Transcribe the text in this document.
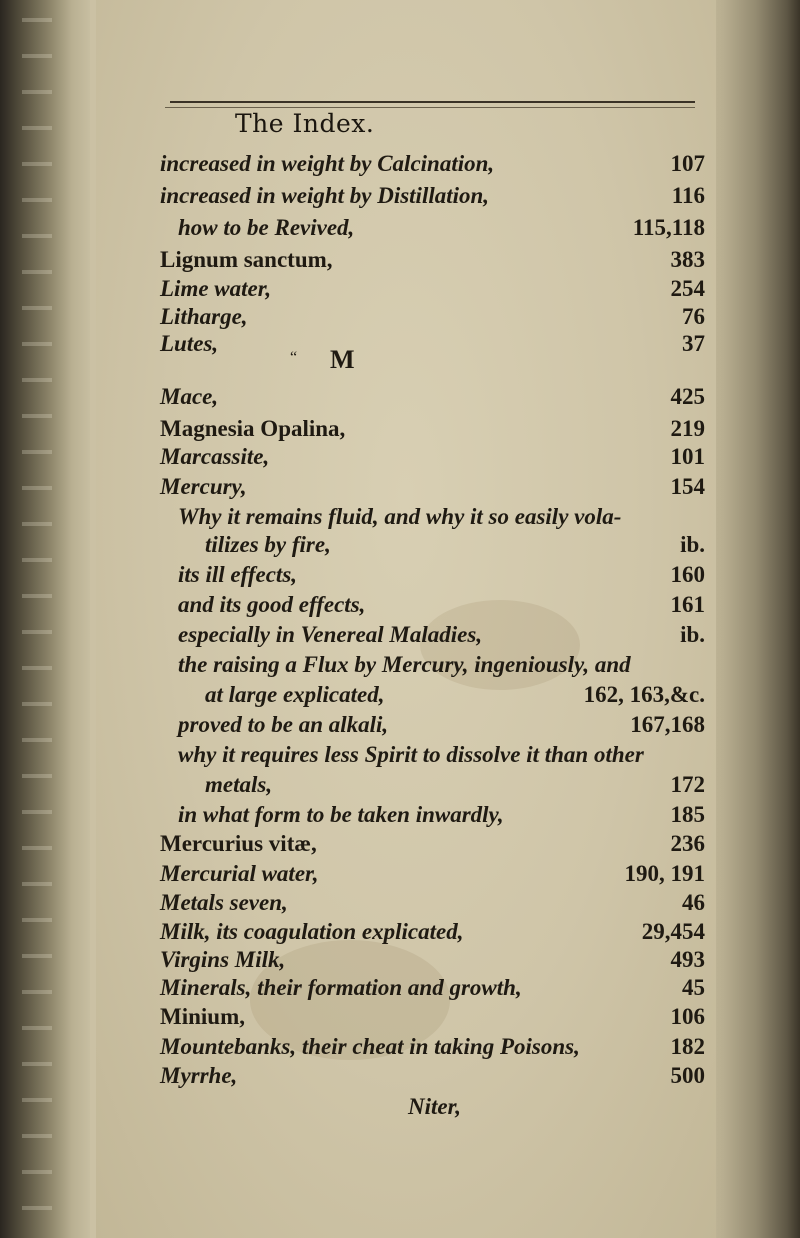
The Index.
“ M
increased in weight by Calcination,	107
increased in weight by Distillation,	116
how to be Revived,	115,118
Lignum sanctum,	383
Lime water,	254
Litharge,	76
Lutes,	37
Mace,	425
Magnesia Opalina,	219
Marcassite,	101
Mercury,	154
Why it remains fluid, and why it so easily vola-
tilizes by fire,	ib.
its ill effects,	160
and its good effects,	161
especially in Venereal Maladies,	ib.
the raising a Flux by Mercury, ingeniously, and
at large explicated,	162, 163,&c.
proved to be an alkali,	167,168
why it requires less Spirit to dissolve it than other
metals,	172
in what form to be taken inwardly,	185
Mercurius vitæ,	236
Mercurial water,	190, 191
Metals seven,	46
Milk, its coagulation explicated,	29,454
Virgins Milk,	493
Minerals, their formation and growth,	45
Minium,	106
Mountebanks, their cheat in taking Poisons,	182
Myrrhe,	500
Niter,
